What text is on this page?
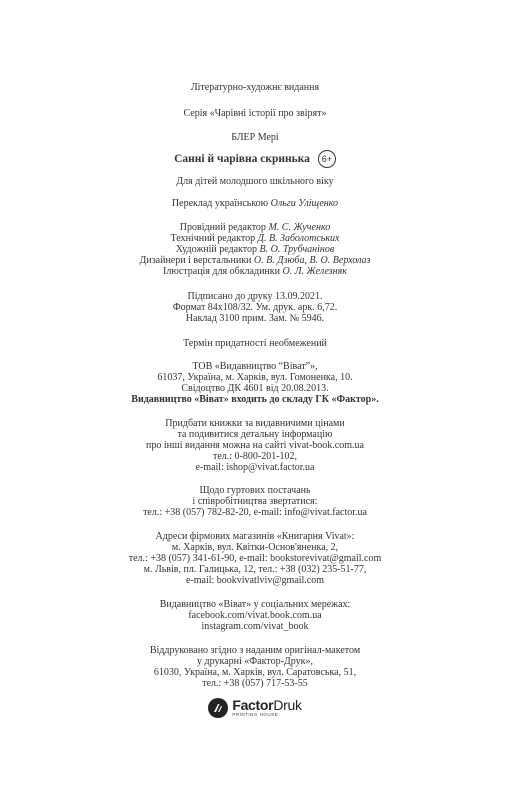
Літературно-художнє видання
Серія «Чарівні історії про звірят»
БЛЕР Мері
Санні й чарівна скринька	6+
Для дітей молодшого шкільного віку
Переклад українською Ольги Уліщенко
Провідний редактор М. С. Жученко
Технічний редактор Д. В. Заболотських
Художній редактор В. О. Трубчанінов
Дизайнери і верстальники О. В. Дзюба, В. О. Верхолаз
Ілюстрація для обкладинки О. Л. Железняк
Підписано до друку 13.09.2021.
Формат 84х108/32. Ум. друк. арк. 6,72.
Наклад 3100 прим. Зам. № 5946.
Термін придатності необмежений
ТОВ «Видавництво “Віват”»,
61037, Україна, м. Харків, вул. Гомоненка, 10.
Свідоцтво ДК 4601 від 20.08.2013.
Видавництво «Віват» входить до складу ГК «Фактор».
Придбати книжки за видавничими цінами
та подивитися детальну інформацію
про інші видання можна на сайті vivat-book.com.ua
тел.: 0-800-201-102,
e-mail: ishop@vivat.factor.ua
Щодо гуртових постачань
і співробітництва звертатися:
тел.: +38 (057) 782-82-20, e-mail: info@vivat.factor.ua
Адреси фірмових магазинів «Книгарня Vivat»:
м. Харків, вул. Квітки-Основ'яненка, 2,
тел.: +38 (057) 341-61-90, e-mail: bookstorevivat@gmail.com
м. Львів, пл. Галицька, 12, тел.: +38 (032) 235-51-77,
e-mail: bookvivatlviv@gmail.com
Видавництво «Віват» у соціальних мережах:
facebook.com/vivat.book.com.ua
instagram.com/vivat_book
Віддруковано згідно з наданим оригінал-макетом
у друкарні «Фактор-Друк»,
61030, Україна, м. Харків, вул. Саратовська, 51,
тел.: +38 (057) 717-53-55
FactorDruk
PRINTING HOUSE
